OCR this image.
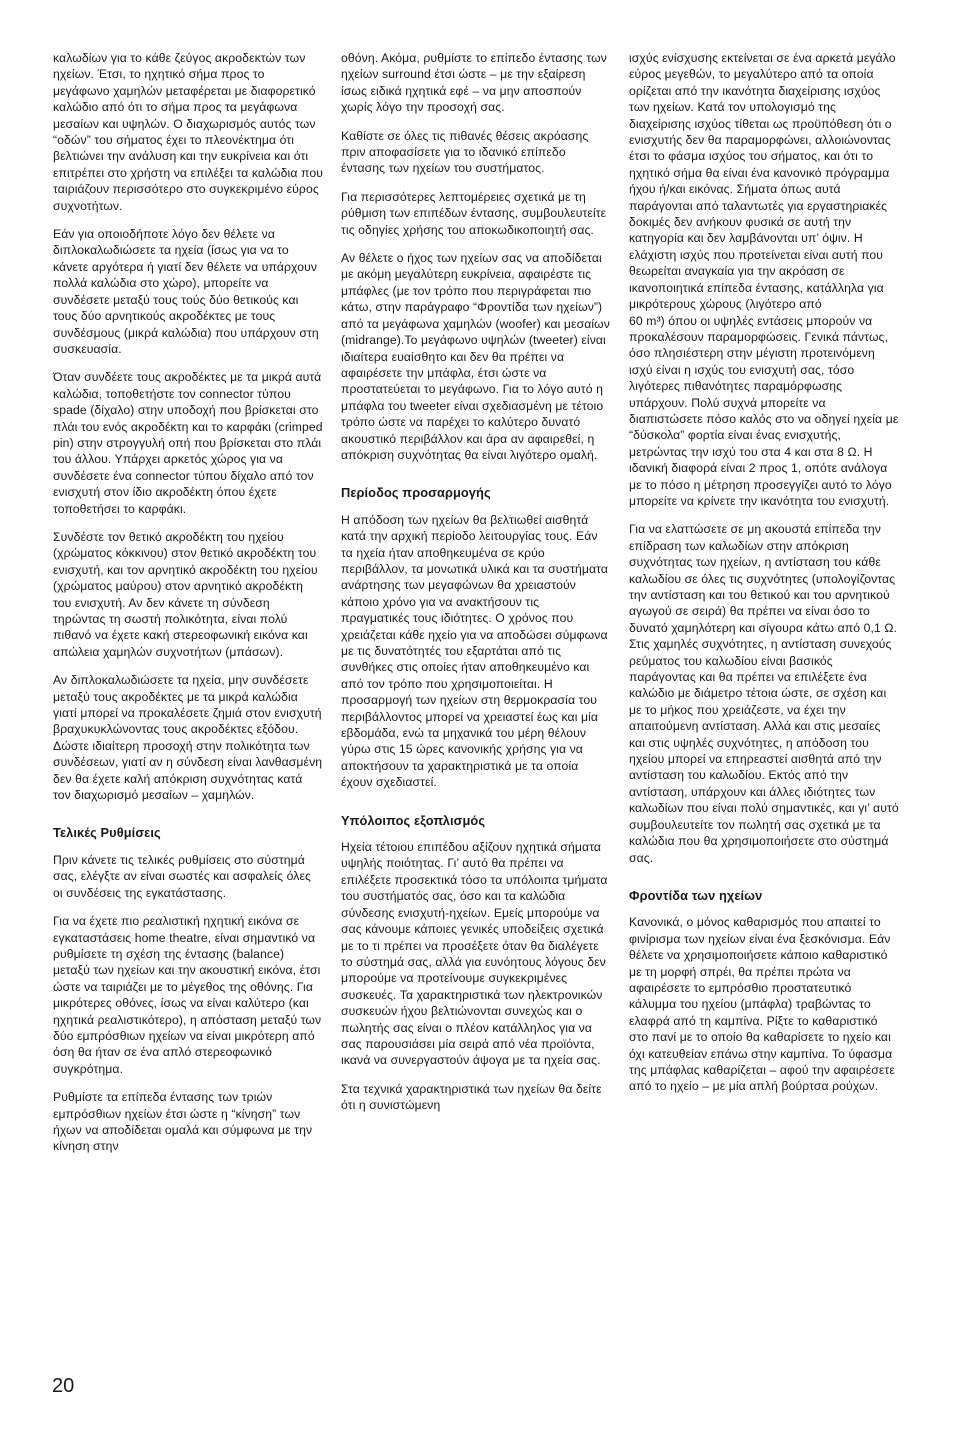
καλωδίων για το κάθε ζεύγος ακροδεκτών των ηχείων. Έτσι, το ηχητικό σήμα προς το μεγάφωνο χαμηλών μεταφέρεται με διαφορετικό καλώδιο από ότι το σήμα προς τα μεγάφωνα μεσαίων και υψηλών. Ο διαχωρισμός αυτός των “οδών” του σήματος έχει το πλεονέκτημα ότι βελτιώνει την ανάλυση και την ευκρίνεια και ότι επιτρέπει στο χρήστη να επιλέξει τα καλώδια που ταιριάζουν περισσότερο στο συγκεκριμένο εύρος συχνοτήτων.
Εάν για οποιοδήποτε λόγο δεν θέλετε να διπλοκαλωδιώσετε τα ηχεία (ίσως για να το κάνετε αργότερα ή γιατί δεν θέλετε να υπάρχουν πολλά καλώδια στο χώρο), μπορείτε να συνδέσετε μεταξύ τους τούς δύο θετικούς και τους δύο αρνητικούς ακροδέκτες με τους συνδέσμους (μικρά καλώδια) που υπάρχουν στη συσκευασία.
Όταν συνδέετε τους ακροδέκτες με τα μικρά αυτά καλώδια, τοποθετήστε τον connector τύπου spade (δίχαλο) στην υποδοχή που βρίσκεται στο πλάι του ενός ακροδέκτη και το καρφάκι (crimped pin) στην στρογγυλή οπή που βρίσκεται στο πλάι του άλλου. Υπάρχει αρκετός χώρος για να συνδέσετε ένα connector τύπου δίχαλο από τον ενισχυτή στον ίδιο ακροδέκτη όπου έχετε τοποθετήσει το καρφάκι.
Συνδέστε τον θετικό ακροδέκτη του ηχείου (χρώματος κόκκινου) στον θετικό ακροδέκτη του ενισχυτή, και τον αρνητικό ακροδέκτη του ηχείου (χρώματος μαύρου) στον αρνητικό ακροδέκτη του ενισχυτή. Αν δεν κάνετε τη σύνδεση τηρώντας τη σωστή πολικότητα, είναι πολύ πιθανό να έχετε κακή στερεοφωνική εικόνα και απώλεια χαμηλών συχνοτήτων (μπάσων).
Αν διπλοκαλωδιώσετε τα ηχεία, μην συνδέσετε μεταξύ τους ακροδέκτες με τα μικρά καλώδια γιατί μπορεί να προκαλέσετε ζημιά στον ενισχυτή βραχυκυκλώνοντας τους ακροδέκτες εξόδου. Δώστε ιδιαίτερη προσοχή στην πολικότητα των συνδέσεων, γιατί αν η σύνδεση είναι λανθασμένη δεν θα έχετε καλή απόκριση συχνότητας κατά τον διαχωρισμό μεσαίων – χαμηλών.
Τελικές Ρυθμίσεις
Πριν κάνετε τις τελικές ρυθμίσεις στο σύστημά σας, ελέγξτε αν είναι σωστές και ασφαλείς όλες οι συνδέσεις της εγκατάστασης.
Για να έχετε πιο ρεαλιστική ηχητική εικόνα σε εγκαταστάσεις home theatre, είναι σημαντικό να ρυθμίσετε τη σχέση της έντασης (balance) μεταξύ των ηχείων και την ακουστική εικόνα, έτσι ώστε να ταιριάζει με το μέγεθος της οθόνης. Για μικρότερες οθόνες, ίσως να είναι καλύτερο (και ηχητικά ρεαλιστικότερο), η απόσταση μεταξύ των δύο εμπρόσθιων ηχείων να είναι μικρότερη από όση θα ήταν σε ένα απλό στερεοφωνικό συγκρότημα.
Ρυθμίστε τα επίπεδα έντασης των τριών εμπρόσθιων ηχείων έτσι ώστε η “κίνηση” των ήχων να αποδίδεται ομαλά και σύμφωνα με την κίνηση στην
οθόνη. Ακόμα, ρυθμίστε το επίπεδο έντασης των ηχείων surround έτσι ώστε – με την εξαίρεση ίσως ειδικά ηχητικά εφέ – να μην αποσπούν χωρίς λόγο την προσοχή σας.
Καθίστε σε όλες τις πιθανές θέσεις ακρόασης πριν αποφασίσετε για το ιδανικό επίπεδο έντασης των ηχείων του συστήματος.
Για περισσότερες λεπτομέρειες σχετικά με τη ρύθμιση των επιπέδων έντασης, συμβουλευτείτε τις οδηγίες χρήσης του αποκωδικοποιητή σας.
Αν θέλετε ο ήχος των ηχείων σας να αποδίδεται με ακόμη μεγαλύτερη ευκρίνεια, αφαιρέστε τις μπάφλες (με τον τρόπο που περιγράφεται πιο κάτω, στην παράγραφο “Φροντίδα των ηχείων”) από τα μεγάφωνα χαμηλών (woofer) και μεσαίων (midrange).Το μεγάφωνο υψηλών (tweeter) είναι ιδιαίτερα ευαίσθητο και δεν θα πρέπει να αφαιρέσετε την μπάφλα, έτσι ώστε να προστατεύεται το μεγάφωνο. Για το λόγο αυτό η μπάφλα του tweeter είναι σχεδιασμένη με τέτοιο τρόπο ώστε να παρέχει το καλύτερο δυνατό ακουστικό περιβάλλον και άρα αν αφαιρεθεί, η απόκριση συχνότητας θα είναι λιγότερο ομαλή.
Περίοδος προσαρμογής
Η απόδοση των ηχείων θα βελτιωθεί αισθητά κατά την αρχική περίοδο λειτουργίας τους. Εάν τα ηχεία ήταν αποθηκευμένα σε κρύο περιβάλλον, τα μονωτικά υλικά και τα συστήματα ανάρτησης των μεγαφώνων θα χρειαστούν κάποιο χρόνο για να ανακτήσουν τις πραγματικές τους ιδιότητες. Ο χρόνος που χρειάζεται κάθε ηχείο για να αποδώσει σύμφωνα με τις δυνατότητές του εξαρτάται από τις συνθήκες στις οποίες ήταν αποθηκευμένο και από τον τρόπο που χρησιμοποιείται. Η προσαρμογή των ηχείων στη θερμοκρασία του περιβάλλοντος μπορεί να χρειαστεί έως και μία εβδομάδα, ενώ τα μηχανικά του μέρη θέλουν γύρω στις 15 ώρες κανονικής χρήσης για να αποκτήσουν τα χαρακτηριστικά με τα οποία έχουν σχεδιαστεί.
Υπόλοιπος εξοπλισμός
Ηχεία τέτοιου επιπέδου αξίζουν ηχητικά σήματα υψηλής ποιότητας. Γι’ αυτό θα πρέπει να επιλέξετε προσεκτικά τόσο τα υπόλοιπα τμήματα του συστήματός σας, όσο και τα καλώδια σύνδεσης ενισχυτή-ηχείων. Εμείς μπορούμε να σας κάνουμε κάποιες γενικές υποδείξεις σχετικά με το τι πρέπει να προσέξετε όταν θα διαλέγετε το σύστημά σας, αλλά για ευνόητους λόγους δεν μπορούμε να προτείνουμε συγκεκριμένες συσκευές. Τα χαρακτηριστικά των ηλεκτρονικών συσκευών ήχου βελτιώνονται συνεχώς και ο πωλητής σας είναι ο πλέον κατάλληλος για να σας παρουσιάσει μία σειρά από νέα προϊόντα, ικανά να συνεργαστούν άψογα με τα ηχεία σας.
Στα τεχνικά χαρακτηριστικά των ηχείων θα δείτε ότι η συνιστώμενη
ισχύς ενίσχυσης εκτείνεται σε ένα αρκετά μεγάλο εύρος μεγεθών, το μεγαλύτερο από τα οποία ορίζεται από την ικανότητα διαχείρισης ισχύος των ηχείων. Κατά τον υπολογισμό της διαχείρισης ισχύος τίθεται ως προϋπόθεση ότι ο ενισχυτής δεν θα παραμορφώνει, αλλοιώνοντας έτσι το φάσμα ισχύος του σήματος, και ότι το ηχητικό σήμα θα είναι ένα κανονικό πρόγραμμα ήχου ή/και εικόνας. Σήματα όπως αυτά παράγονται από ταλαντωτές για εργαστηριακές δοκιμές δεν ανήκουν φυσικά σε αυτή την κατηγορία και δεν λαμβάνονται υπ’ όψιν. Η ελάχιστη ισχύς που προτείνεται είναι αυτή που θεωρείται αναγκαία για την ακρόαση σε ικανοποιητικά επίπεδα έντασης, κατάλληλα για μικρότερους χώρους (λιγότερο από
60 m³) όπου οι υψηλές εντάσεις μπορούν να προκαλέσουν παραμορφώσεις. Γενικά πάντως, όσο πλησιέστερη στην μέγιστη προτεινόμενη ισχύ είναι η ισχύς του ενισχυτή σας, τόσο λιγότερες πιθανότητες παραμόρφωσης υπάρχουν. Πολύ συχνά μπορείτε να διαπιστώσετε πόσο καλός στο να οδηγεί ηχεία με “δύσκολα” φορτία είναι ένας ενισχυτής, μετρώντας την ισχύ του στα 4 και στα 8 Ω. Η ιδανική διαφορά είναι 2 προς 1, οπότε ανάλογα με το πόσο η μέτρηση προσεγγίζει αυτό το λόγο μπορείτε να κρίνετε την ικανότητα του ενισχυτή.
Για να ελαττώσετε σε μη ακουστά επίπεδα την επίδραση των καλωδίων στην απόκριση συχνότητας των ηχείων, η αντίσταση του κάθε καλωδίου σε όλες τις συχνότητες (υπολογίζοντας την αντίσταση και του θετικού και του αρνητικού αγωγού σε σειρά) θα πρέπει να είναι όσο το δυνατό χαμηλότερη και σίγουρα κάτω από 0,1 Ω. Στις χαμηλές συχνότητες, η αντίσταση συνεχούς ρεύματος του καλωδίου είναι βασικός παράγοντας και θα πρέπει να επιλέξετε ένα καλώδιο με διάμετρο τέτοια ώστε, σε σχέση και με το μήκος που χρειάζεστε, να έχει την απαιτούμενη αντίσταση. Αλλά και στις μεσαίες και στις υψηλές συχνότητες, η απόδοση του ηχείου μπορεί να επηρεαστεί αισθητά από την αντίσταση του καλωδίου. Εκτός από την αντίσταση, υπάρχουν και άλλες ιδιότητες των καλωδίων που είναι πολύ σημαντικές, και γι’ αυτό συμβουλευτείτε τον πωλητή σας σχετικά με τα καλώδια που θα χρησιμοποιήσετε στο σύστημά σας.
Φροντίδα των ηχείων
Κανονικά, ο μόνος καθαρισμός που απαιτεί το φινίρισμα των ηχείων είναι ένα ξεσκόνισμα. Εάν θέλετε να χρησιμοποιήσετε κάποιο καθαριστικό με τη μορφή σπρέι, θα πρέπει πρώτα να αφαιρέσετε το εμπρόσθιο προστατευτικό κάλυμμα του ηχείου (μπάφλα) τραβώντας το ελαφρά από τη καμπίνα. Ρίξτε το καθαριστικό στο πανί με το οποίο θα καθαρίσετε το ηχείο και όχι κατευθείαν επάνω στην καμπίνα. Το ύφασμα της μπάφλας καθαρίζεται – αφού την αφαιρέσετε από το ηχείο – με μία απλή βούρτσα ρούχων.
20
